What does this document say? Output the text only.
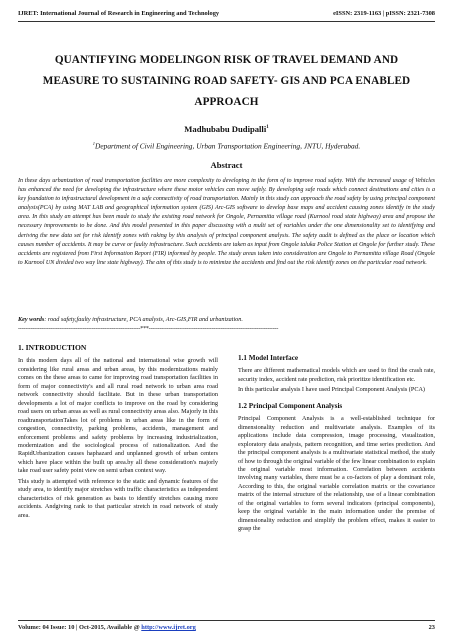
IJRET: International Journal of Research in Engineering and Technology	eISSN: 2319-1163 | pISSN: 2321-7308
QUANTIFYING MODELINGON RISK OF TRAVEL DEMAND AND MEASURE TO SUSTAINING ROAD SAFETY- GIS AND PCA ENABLED APPROACH
Madhubabu Dudipalli$^1$
$^1$Department of Civil Engineering, Urban Transportation Engineering, JNTU, Hyderabad.
Abstract
In these days urbanization of road transportation facilities are more complexity to developing in the form of to improve road safety. With the increased usage of Vehicles has enhanced the need for developing the infrastructure where these motor vehicles can move safely. By developing safe roads which connect destinations and cities is a key foundation to infrastructural development in a safe connectivity of road transportation. Mainly in this study can approach the road safety by using principal component analysis(PCA) by using MAT LAB and geographical information system (GIS) Arc-GIS software to develop base maps and accident causing zones identify in the study area. In this study an attempt has been made to study the existing road network for Ongole, Pernamitta village road (Kurnool road state highway) area and propose the necessary improvements to be done. And this model presented in this paper discussing with a multi set of variables under the one dimensionality set to identifying and deriving the new data set for risk identify zones with raking by this analysis of principal component analysis. The safety audit is defined as the place or location which causes number of accidents. It may be curve or faulty infrastructure. Such accidents are taken as input from Ongole taluka Police Station at Ongole for further study. These accidents are registered from First Information Report (FIR) informed by people. The study areas taken into consideration are Ongole to Pernamitta village Road (Ongole to Kurnool UN divided two way line state highway). The aim of this study is to minimize the accidents and find out the risk identify zones on the particular road network.
Key words: road safety,faulty infrastructure, PCA analysis, Arc-GIS,FIR and urbanization.
--------------------------------------------------------------------***------------------------------------------------------------------------
1. INTRODUCTION
In this modern days all of the national and international wise growth will considering like rural areas and urban areas, by this modernizations mainly comes on the these areas to came for improving road transportation facilities in form of major connectivity's and all rural road network to urban area road network connectivity should facilitate. But in these urban transportation developments a lot of major conflicts to improve on the road by considering road users on urban areas as well as rural connectivity areas also. Majorly in this roadtransportationTakes lot of problems in urban areas like in the form of congestion, connectivity, parking problems, accidents, management and enforcement problems and safety problems by increasing industrialization, modernization and the sociological process of rationalization. And the RapidUrbanization causes haphazard and unplanned growth of urban centers which have place within the built up area.by all these consideration's majorly take road user safety point view on semi urban context way.
This study is attempted with reference to the static and dynamic features of the study area, to identify major stretches with traffic characteristics as independent characteristics of risk generation as basis to identify stretches causing more accidents. Andgiving rank to that particular stretch in road network of study area.
1.1 Model Interface
There are different mathematical models which are used to find the crash rate, security index, accident rate prediction, risk prioritize identification etc.
In this particular analysis I have used Principal Component Analysis (PCA)
1.2 Principal Component Analysis
Principal Component Analysis is a well-established technique for dimensionality reduction and multivariate analysis. Examples of its applications include data compression, image processing, visualization, exploratory data analysis, pattern recognition, and time series prediction. And the principal component analysis is a multivariate statistical method, the study of how to through the original variable of the few linear combination to explain the original variable most information. Correlation between accidents involving many variables, there must be a co-factors of play a dominant role, According to this, the original variable correlation matrix or the covariance matrix of the internal structure of the relationship, use of a linear combination of the original variables to form several indicators (principal components), keep the original variable in the main information under the premise of dimensionality reduction and simplify the problem effect, makes it easier to grasp the
Volume: 04 Issue: 10 | Oct-2015, Available @ http://www.ijret.org	23
